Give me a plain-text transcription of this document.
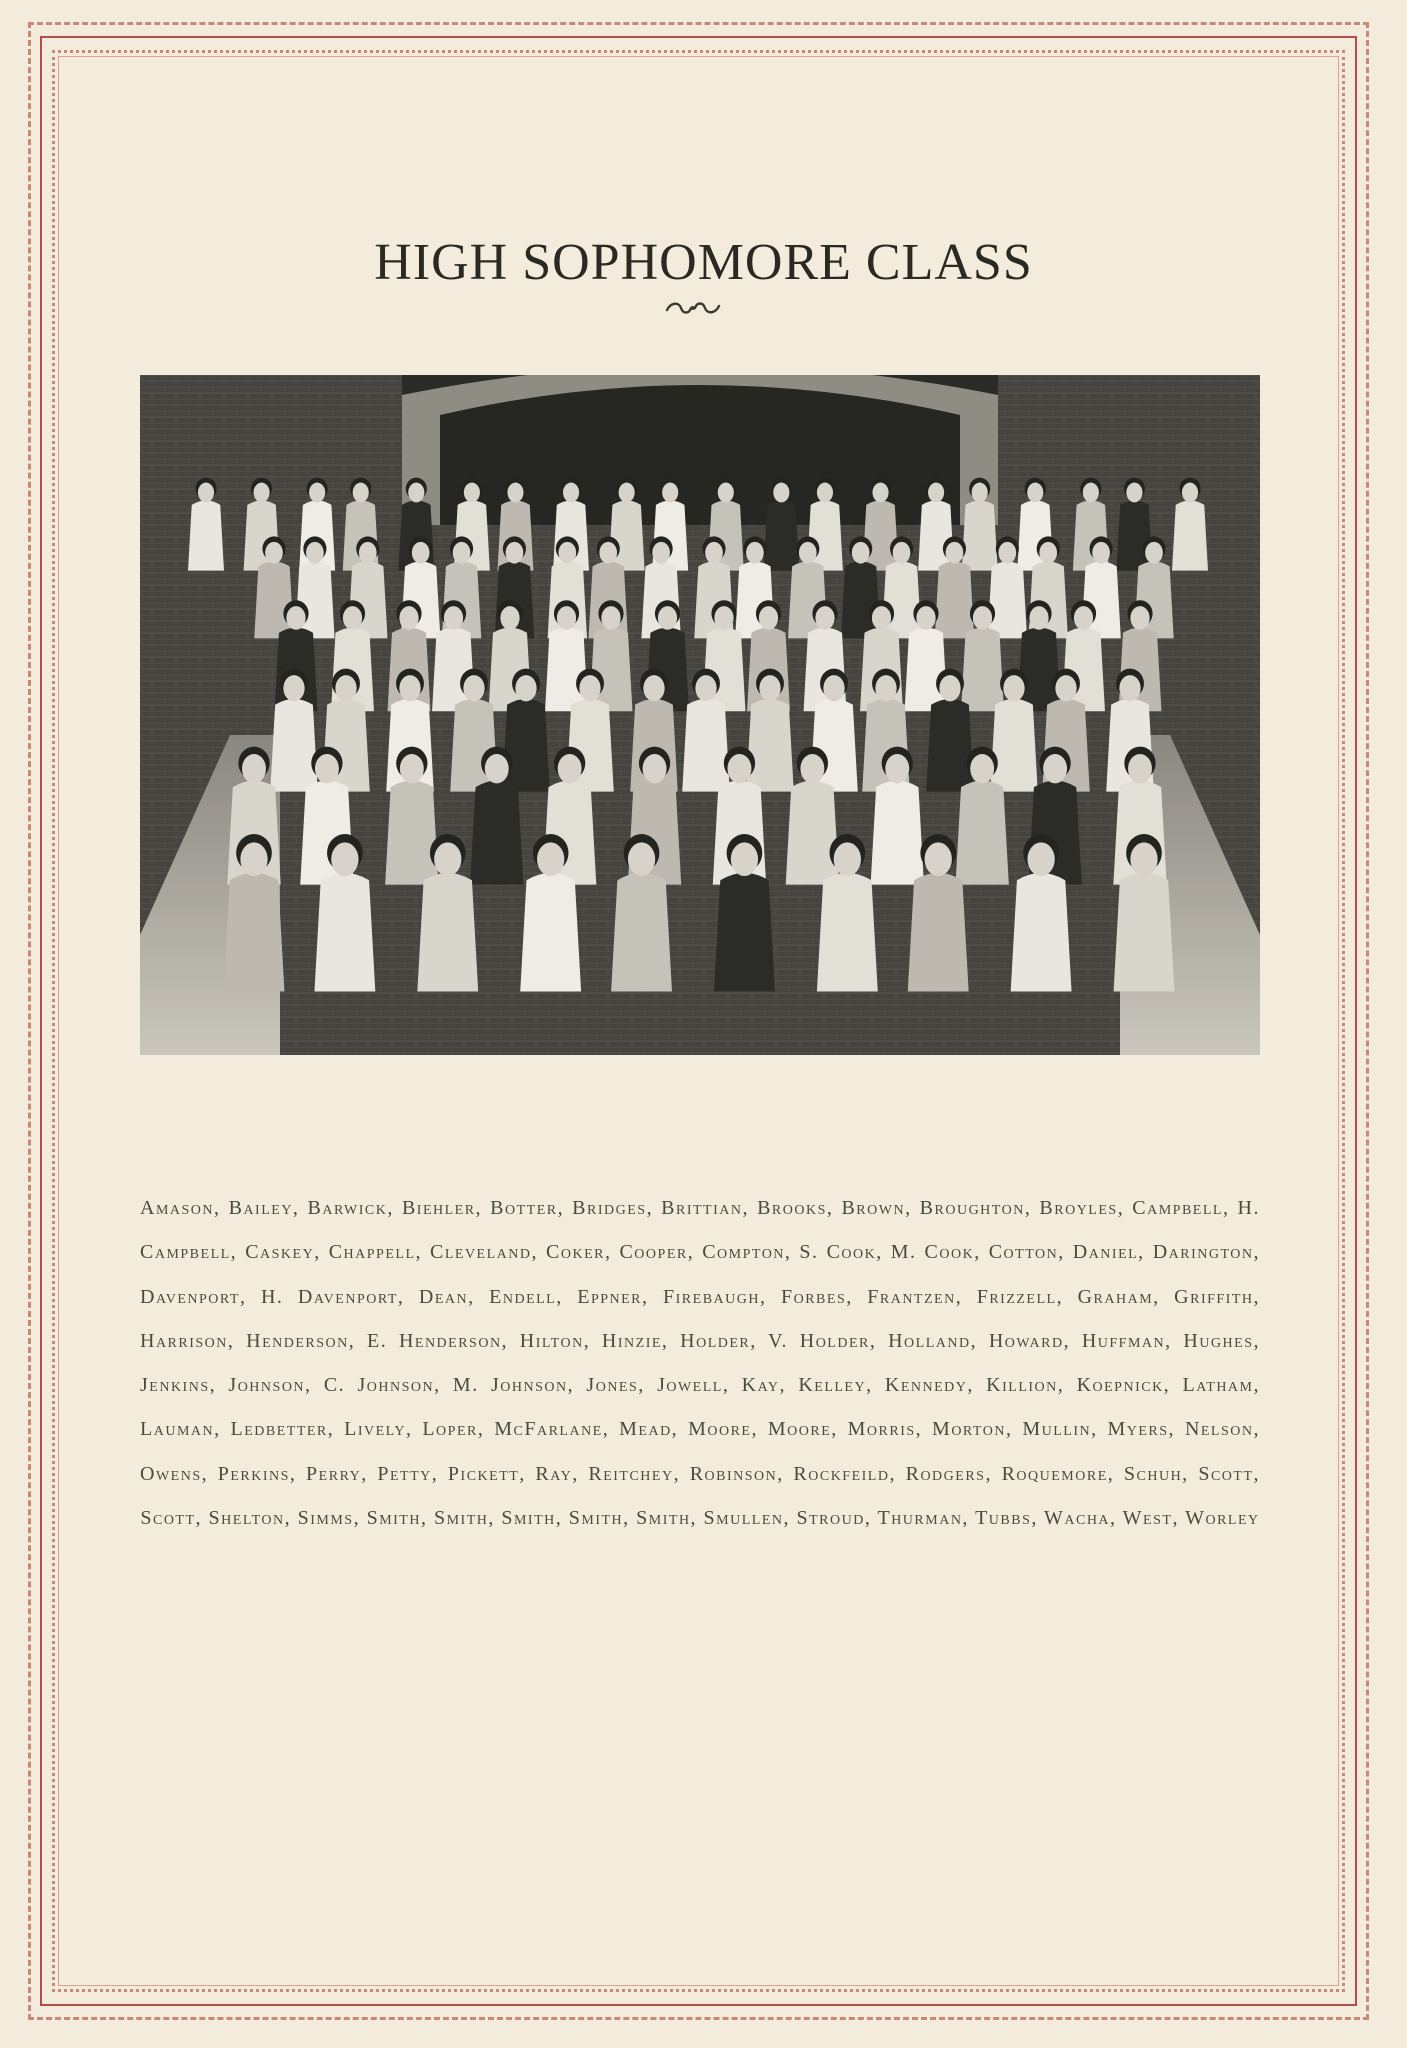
HIGH SOPHOMORE CLASS
Amason, Bailey, Barwick, Biehler, Botter, Bridges, Brittian, Brooks, Brown, Broughton, Broyles, Campbell, H. Campbell, Caskey, Chappell, Cleveland, Coker, Cooper, Compton, S. Cook, M. Cook, Cotton, Daniel, Darington, Davenport, H. Davenport, Dean, Endell, Eppner, Firebaugh, Forbes, Frantzen, Frizzell, Graham, Griffith, Harrison, Henderson, E. Henderson, Hilton, Hinzie, Holder, V. Holder, Holland, Howard, Huffman, Hughes, Jenkins, Johnson, C. Johnson, M. Johnson, Jones, Jowell, Kay, Kelley, Kennedy, Killion, Koepnick, Latham, Lauman, Ledbetter, Lively, Loper, McFarlane, Mead, Moore, Moore, Morris, Morton, Mullin, Myers, Nelson, Owens, Perkins, Perry, Petty, Pickett, Ray, Reitchey, Robinson, Rockfeild, Rodgers, Roquemore, Schuh, Scott, Scott, Shelton, Simms, Smith, Smith, Smith, Smith, Smith, Smullen, Stroud, Thurman, Tubbs, Wacha, West, Worley
